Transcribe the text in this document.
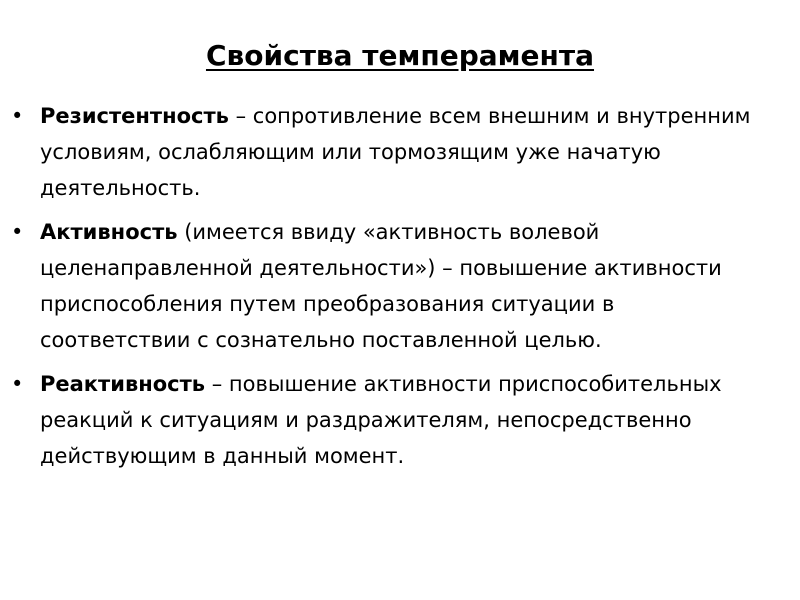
Свойства темперамента
• Резистентность – сопротивление всем внешним и внутренним условиям, ослабляющим или тормозящим уже начатую деятельность.
• Активность (имеется ввиду «активность волевой целенаправленной деятельности») – повышение активности приспособления путем преобразования ситуации в соответствии с сознательно поставленной целью.
• Реактивность – повышение активности приспособительных реакций к ситуациям и раздражителям, непосредственно действующим в данный момент.
